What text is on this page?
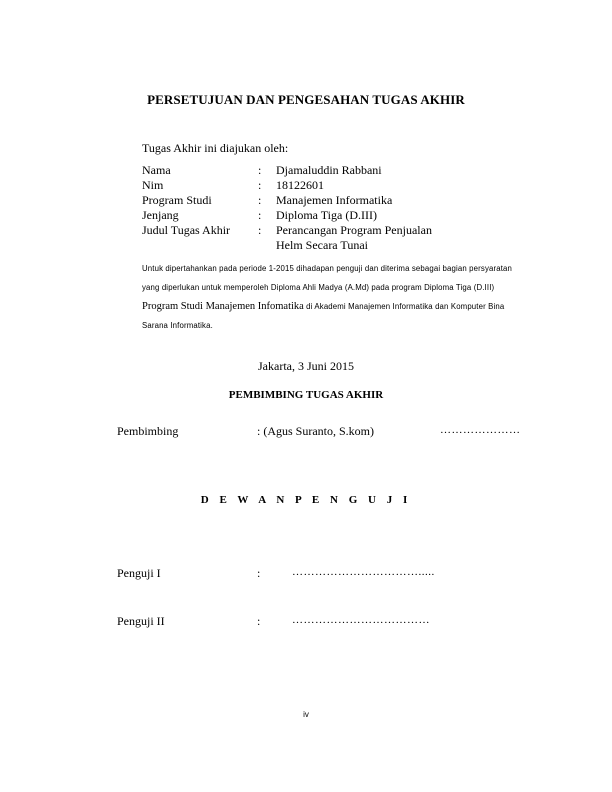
PERSETUJUAN DAN PENGESAHAN TUGAS AKHIR
Tugas Akhir ini diajukan oleh:
Nama	:	Djamaluddin Rabbani
Nim	:	18122601
Program Studi	:	Manajemen Informatika
Jenjang	:	Diploma Tiga (D.III)
Judul Tugas Akhir	:	Perancangan Program Penjualan
Helm Secara Tunai
Untuk dipertahankan pada periode 1-2015 dihadapan penguji dan diterima sebagai bagian persyaratan yang diperlukan untuk memperoleh Diploma Ahli Madya (A.Md) pada program Diploma Tiga (D.III) Program Studi Manajemen Infomatika di Akademi Manajemen Informatika dan Komputer Bina Sarana Informatika.
Jakarta, 3 Juni 2015
PEMBIMBING TUGAS AKHIR
Pembimbing	: (Agus Suranto, S.kom)	…………………
D E W A N P E N G U J I
Penguji I	:	…………………………….....
Penguji II	:	………………………………
iv
